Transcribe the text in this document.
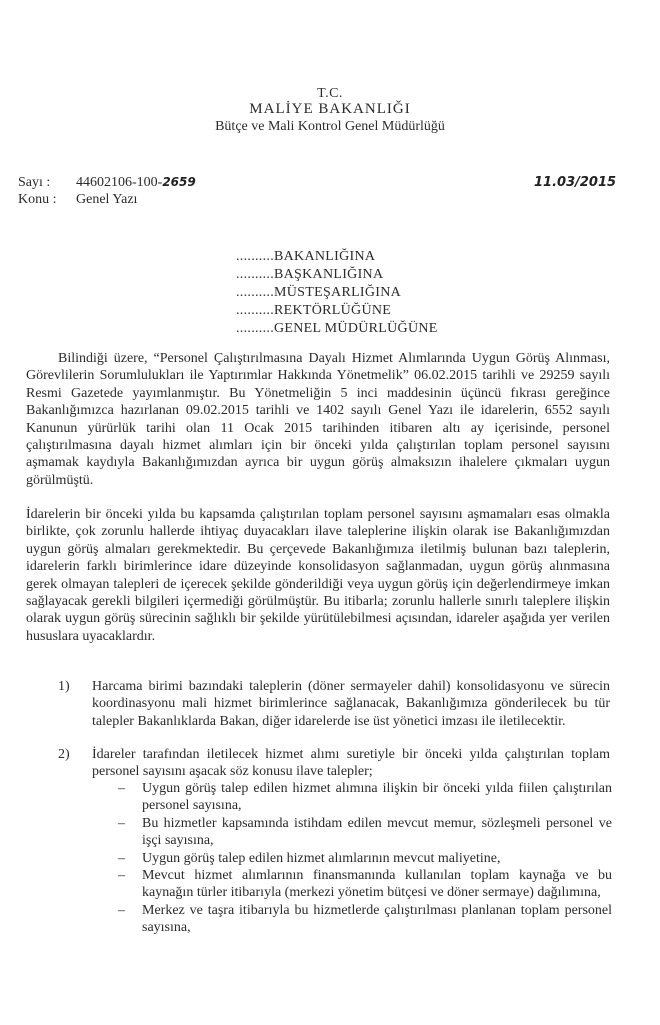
T.C.
MALİYE BAKANLIĞI
Bütçe ve Mali Kontrol Genel Müdürlüğü
Sayı : 44602106-100-2659
Konu : Genel Yazı
11.03/2015
..........BAKANLIĞINA
..........BAŞKANLIĞINA
..........MÜSTEŞARLIĞINA
..........REKTÖRLÜĞÜNE
..........GENEL MÜDÜRLÜĞÜNE
Bilindiği üzere, “Personel Çalıştırılmasına Dayalı Hizmet Alımlarında Uygun Görüş Alınması, Görevlilerin Sorumlulukları ile Yaptırımlar Hakkında Yönetmelik” 06.02.2015 tarihli ve 29259 sayılı Resmi Gazetede yayımlanmıştır. Bu Yönetmeliğin 5 inci maddesinin üçüncü fıkrası gereğince Bakanlığımızca hazırlanan 09.02.2015 tarihli ve 1402 sayılı Genel Yazı ile idarelerin, 6552 sayılı Kanunun yürürlük tarihi olan 11 Ocak 2015 tarihinden itibaren altı ay içerisinde, personel çalıştırılmasına dayalı hizmet alımları için bir önceki yılda çalıştırılan toplam personel sayısını aşmamak kaydıyla Bakanlığımızdan ayrıca bir uygun görüş almaksızın ihalelere çıkmaları uygun görülmüştü.
İdarelerin bir önceki yılda bu kapsamda çalıştırılan toplam personel sayısını aşmamaları esas olmakla birlikte, çok zorunlu hallerde ihtiyaç duyacakları ilave taleplerine ilişkin olarak ise Bakanlığımızdan uygun görüş almaları gerekmektedir. Bu çerçevede Bakanlığımıza iletilmiş bulunan bazı taleplerin, idarelerin farklı birimlerince idare düzeyinde konsolidasyon sağlanmadan, uygun görüş alınmasına gerek olmayan talepleri de içerecek şekilde gönderildiği veya uygun görüş için değerlendirmeye imkan sağlayacak gerekli bilgileri içermediği görülmüştür. Bu itibarla; zorunlu hallerle sınırlı taleplere ilişkin olarak uygun görüş sürecinin sağlıklı bir şekilde yürütülebilmesi açısından, idareler aşağıda yer verilen hususlara uyacaklardır.
1) Harcama birimi bazındaki taleplerin (döner sermayeler dahil) konsolidasyonu ve sürecin koordinasyonu mali hizmet birimlerince sağlanacak, Bakanlığımıza gönderilecek bu tür talepler Bakanlıklarda Bakan, diğer idarelerde ise üst yönetici imzası ile iletilecektir.
2) İdareler tarafından iletilecek hizmet alımı suretiyle bir önceki yılda çalıştırılan toplam personel sayısını aşacak söz konusu ilave talepler;
– Uygun görüş talep edilen hizmet alımına ilişkin bir önceki yılda fiilen çalıştırılan personel sayısına,
– Bu hizmetler kapsamında istihdam edilen mevcut memur, sözleşmeli personel ve işçi sayısına,
– Uygun görüş talep edilen hizmet alımlarının mevcut maliyetine,
– Mevcut hizmet alımlarının finansmanında kullanılan toplam kaynağa ve bu kaynağın türler itibarıyla (merkezi yönetim bütçesi ve döner sermaye) dağılımına,
– Merkez ve taşra itibarıyla bu hizmetlerde çalıştırılması planlanan toplam personel sayısına,
